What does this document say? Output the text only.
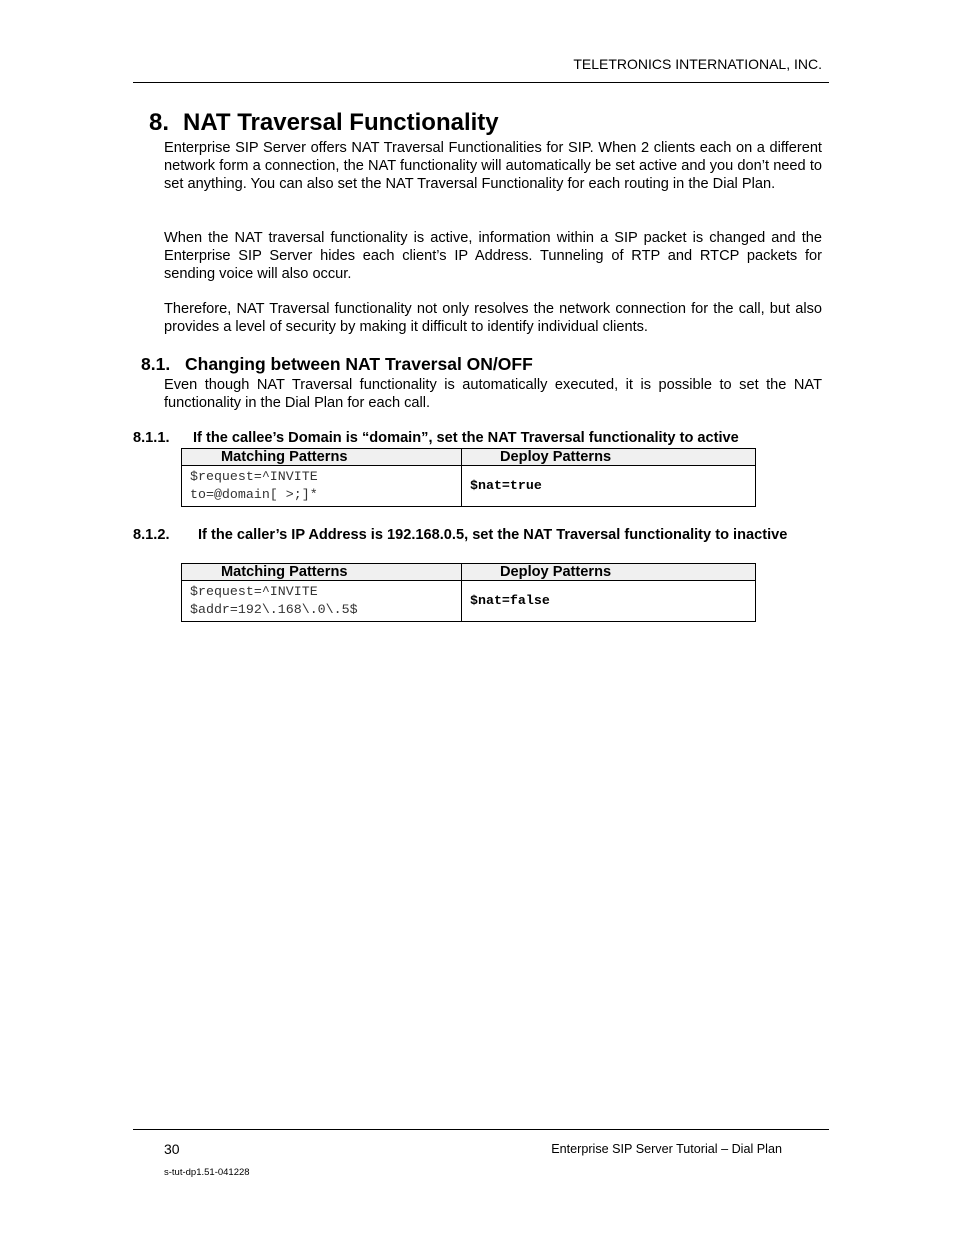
TELETRONICS INTERNATIONAL, INC.
8. NAT Traversal Functionality
Enterprise SIP Server offers NAT Traversal Functionalities for SIP. When 2 clients each on a different network form a connection, the NAT functionality will automatically be set active and you don’t need to set anything. You can also set the NAT Traversal Functionality for each routing in the Dial Plan.
When the NAT traversal functionality is active, information within a SIP packet is changed and the Enterprise SIP Server hides each client’s IP Address. Tunneling of RTP and RTCP packets for sending voice will also occur.
Therefore, NAT Traversal functionality not only resolves the network connection for the call, but also provides a level of security by making it difficult to identify individual clients.
8.1. Changing between NAT Traversal ON/OFF
Even though NAT Traversal functionality is automatically executed, it is possible to set the NAT functionality in the Dial Plan for each call.
8.1.1. If the callee’s Domain is “domain”, set the NAT Traversal functionality to active
Matching Patterns	Deploy Patterns

$request=^INVITE
to=@domain[ >;]*	$nat=true
8.1.2. If the caller’s IP Address is 192.168.0.5, set the NAT Traversal functionality to inactive
Matching Patterns	Deploy Patterns

$request=^INVITE
$addr=192\.168\.0\.5$	$nat=false
30	Enterprise SIP Server Tutorial – Dial Plan
s-tut-dp1.51-041228
